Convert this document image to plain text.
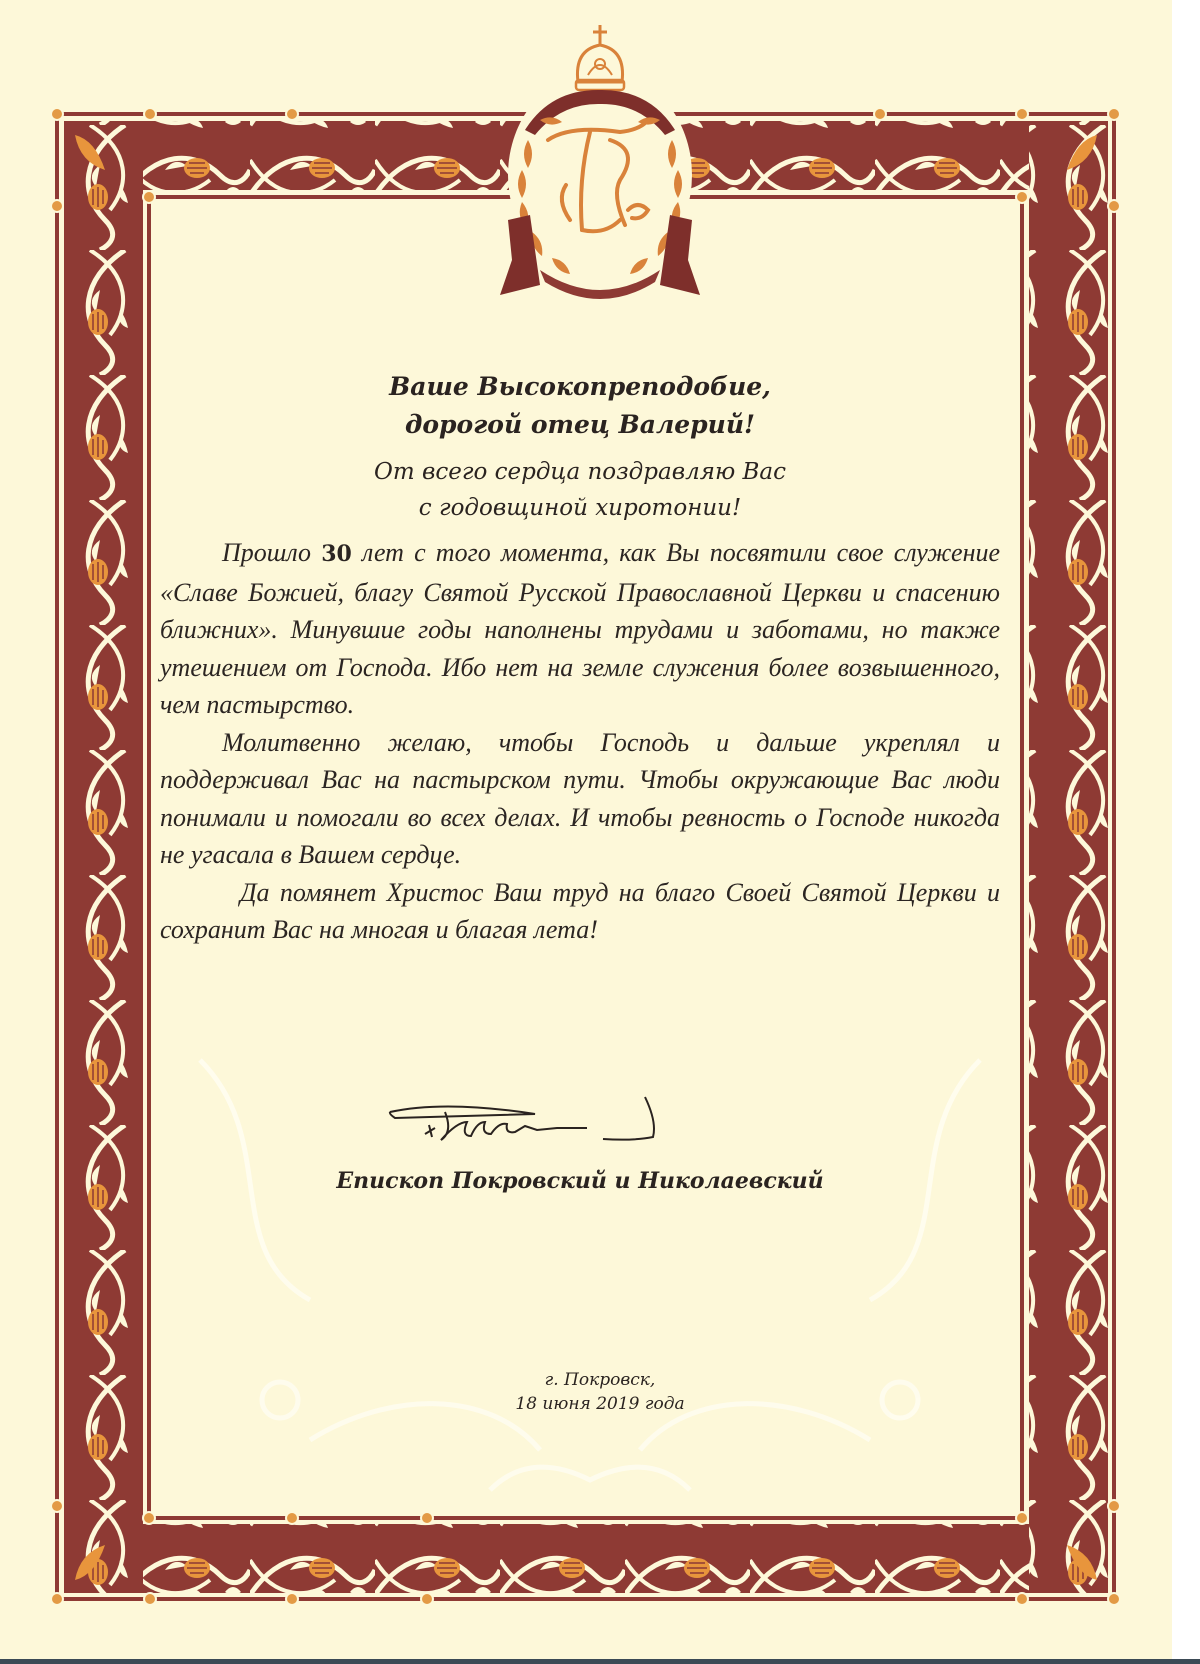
Ваше Высокопреподобие,

дорогой отец Валерий!

От всего сердца поздравляю Вас
с годовщиной хиротонии!

Прошло 30 лет с того момента, как Вы посвятили свое служение «Славе Божией, благу Святой Русской Православной Церкви и спасению ближних». Минувшие годы наполнены трудами и заботами, но также утешением от Господа. Ибо нет на земле служения более возвышенного, чем пастырство.

Молитвенно желаю, чтобы Господь и дальше укреплял и поддерживал Вас на пастырском пути. Чтобы окружающие Вас люди понимали и помогали во всех делах. И чтобы ревность о Господе никогда не угасала в Вашем сердце.

Да помянет Христос Ваш труд на благо Своей Святой Церкви и сохранит Вас на многая и благая лета!

Епископ Покровский и Николаевский
г. Покровск,
18 июня 2019 года
